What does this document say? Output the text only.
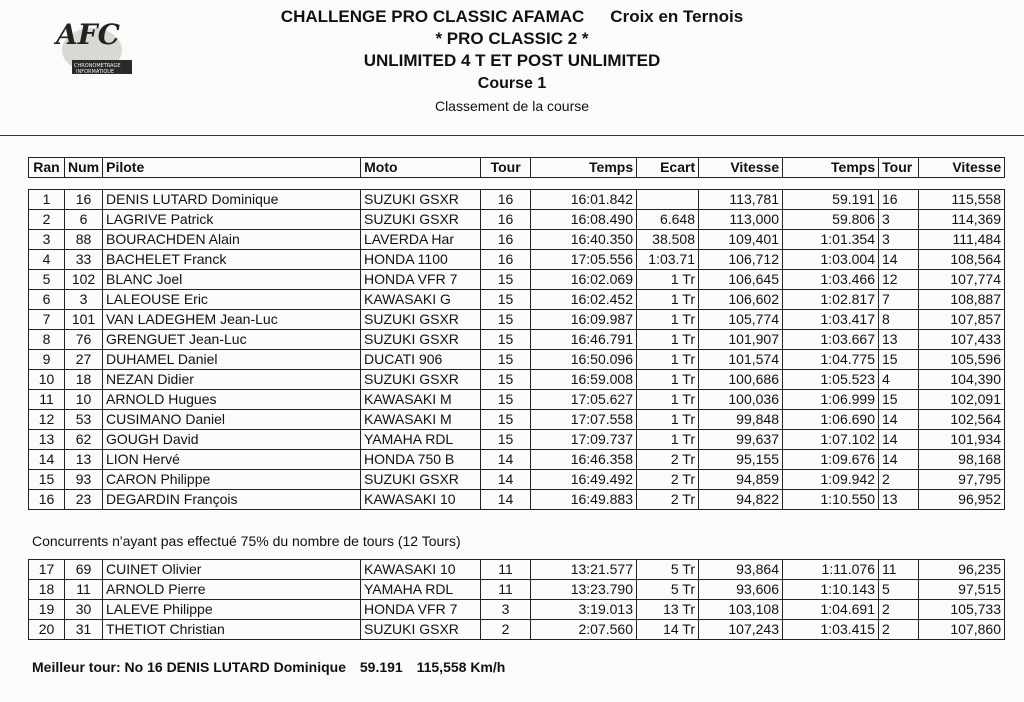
AFC
CHRONOMETRAGE
INFORMATIQUE
CHALLENGE PRO CLASSIC AFAMAC Croix en Ternois
* PRO CLASSIC 2 *
UNLIMITED 4 T ET POST UNLIMITED
Course 1
Classement de la course
Ran	Num	Pilote	Moto	Tour	Temps	Ecart	Vitesse	Temps	Tour	Vitesse
1	16	DENIS LUTARD Dominique	SUZUKI GSXR	16	16:01.842		113,781	59.191	16	115,558
2	6	LAGRIVE Patrick	SUZUKI GSXR	16	16:08.490	6.648	113,000	59.806	3	114,369
3	88	BOURACHDEN Alain	LAVERDA Har	16	16:40.350	38.508	109,401	1:01.354	3	111,484
4	33	BACHELET Franck	HONDA 1100	16	17:05.556	1:03.71	106,712	1:03.004	14	108,564
5	102	BLANC Joel	HONDA VFR 7	15	16:02.069	1 Tr	106,645	1:03.466	12	107,774
6	3	LALEOUSE Eric	KAWASAKI G	15	16:02.452	1 Tr	106,602	1:02.817	7	108,887
7	101	VAN LADEGHEM Jean-Luc	SUZUKI GSXR	15	16:09.987	1 Tr	105,774	1:03.417	8	107,857
8	76	GRENGUET Jean-Luc	SUZUKI GSXR	15	16:46.791	1 Tr	101,907	1:03.667	13	107,433
9	27	DUHAMEL Daniel	DUCATI 906	15	16:50.096	1 Tr	101,574	1:04.775	15	105,596
10	18	NEZAN Didier	SUZUKI GSXR	15	16:59.008	1 Tr	100,686	1:05.523	4	104,390
11	10	ARNOLD Hugues	KAWASAKI M	15	17:05.627	1 Tr	100,036	1:06.999	15	102,091
12	53	CUSIMANO Daniel	KAWASAKI M	15	17:07.558	1 Tr	99,848	1:06.690	14	102,564
13	62	GOUGH David	YAMAHA RDL	15	17:09.737	1 Tr	99,637	1:07.102	14	101,934
14	13	LION Hervé	HONDA 750 B	14	16:46.358	2 Tr	95,155	1:09.676	14	98,168
15	93	CARON Philippe	SUZUKI GSXR	14	16:49.492	2 Tr	94,859	1:09.942	2	97,795
16	23	DEGARDIN François	KAWASAKI 10	14	16:49.883	2 Tr	94,822	1:10.550	13	96,952
Concurrents n'ayant pas effectué 75% du nombre de tours (12 Tours)
17	69	CUINET Olivier	KAWASAKI 10	11	13:21.577	5 Tr	93,864	1:11.076	11	96,235
18	11	ARNOLD Pierre	YAMAHA RDL	11	13:23.790	5 Tr	93,606	1:10.143	5	97,515
19	30	LALEVE Philippe	HONDA VFR 7	3	3:19.013	13 Tr	103,108	1:04.691	2	105,733
20	31	THETIOT Christian	SUZUKI GSXR	2	2:07.560	14 Tr	107,243	1:03.415	2	107,860
Meilleur tour: No 16 DENIS LUTARD Dominique 59.191 115,558 Km/h
